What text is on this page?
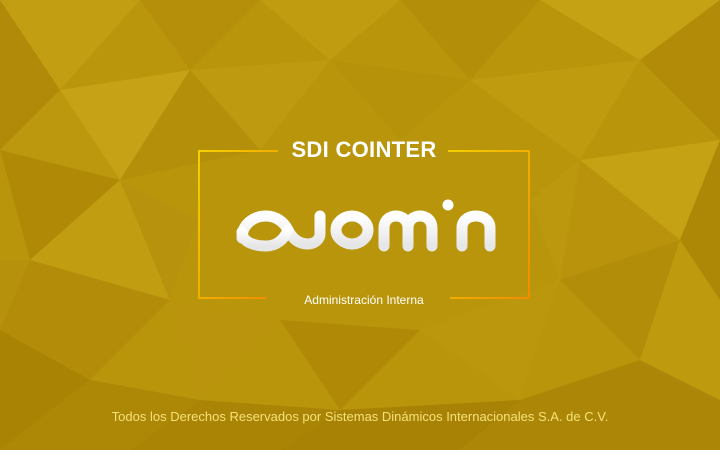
SDI COINTER
Administración Interna
Todos los Derechos Reservados por Sistemas Dinámicos Internacionales S.A. de C.V.
